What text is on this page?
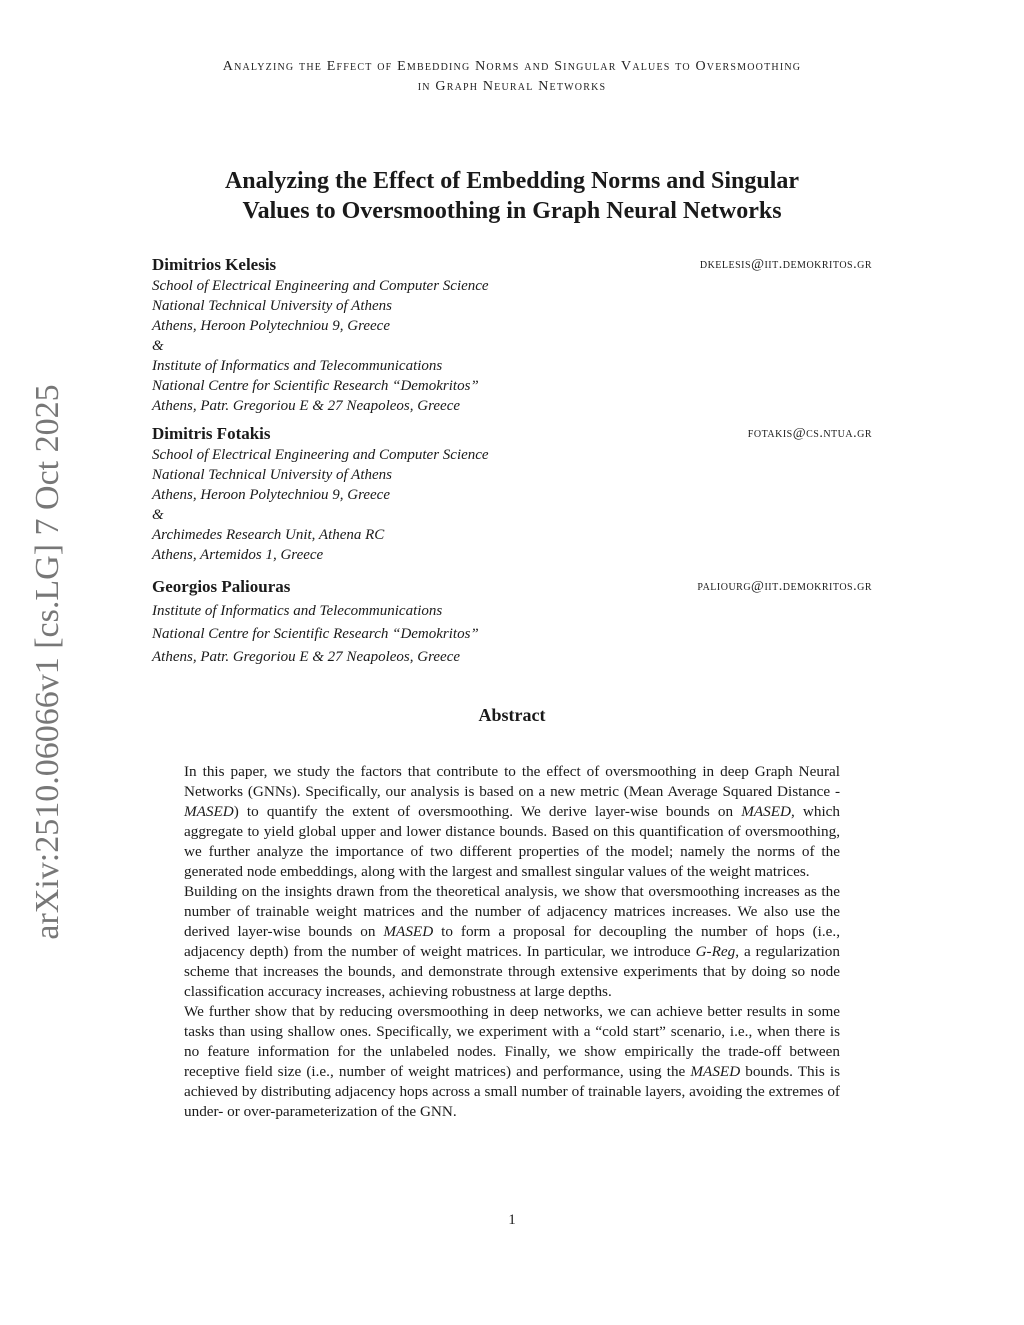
arXiv:2510.06066v1 [cs.LG] 7 Oct 2025
Analyzing the Effect of Embedding Norms and Singular Values to Oversmoothing
in Graph Neural Networks
Analyzing the Effect of Embedding Norms and Singular
Values to Oversmoothing in Graph Neural Networks
Dimitrios Kelesis	dkelesis@iit.demokritos.gr
School of Electrical Engineering and Computer Science
National Technical University of Athens
Athens, Heroon Polytechniou 9, Greece
&
Institute of Informatics and Telecommunications
National Centre for Scientific Research “Demokritos”
Athens, Patr. Gregoriou E & 27 Neapoleos, Greece
Dimitris Fotakis	fotakis@cs.ntua.gr
School of Electrical Engineering and Computer Science
National Technical University of Athens
Athens, Heroon Polytechniou 9, Greece
&
Archimedes Research Unit, Athena RC
Athens, Artemidos 1, Greece
Georgios Paliouras	paliourg@iit.demokritos.gr
Institute of Informatics and Telecommunications
National Centre for Scientific Research “Demokritos”
Athens, Patr. Gregoriou E & 27 Neapoleos, Greece
Abstract

In this paper, we study the factors that contribute to the effect of oversmoothing in deep Graph Neural Networks (GNNs). Specifically, our analysis is based on a new metric (Mean Average Squared Distance - MASED) to quantify the extent of oversmoothing. We derive layer-wise bounds on MASED, which aggregate to yield global upper and lower distance bounds. Based on this quantification of oversmoothing, we further analyze the importance of two different properties of the model; namely the norms of the generated node embeddings, along with the largest and smallest singular values of the weight matrices.

Building on the insights drawn from the theoretical analysis, we show that oversmoothing increases as the number of trainable weight matrices and the number of adjacency matrices increases. We also use the derived layer-wise bounds on MASED to form a proposal for decoupling the number of hops (i.e., adjacency depth) from the number of weight matrices. In particular, we introduce G-Reg, a regularization scheme that increases the bounds, and demonstrate through extensive experiments that by doing so node classification accuracy increases, achieving robustness at large depths.

We further show that by reducing oversmoothing in deep networks, we can achieve better results in some tasks than using shallow ones. Specifically, we experiment with a “cold start” scenario, i.e., when there is no feature information for the unlabeled nodes. Finally, we show empirically the trade-off between receptive field size (i.e., number of weight matrices) and performance, using the MASED bounds. This is achieved by distributing adjacency hops across a small number of trainable layers, avoiding the extremes of under- or over-parameterization of the GNN.

1
